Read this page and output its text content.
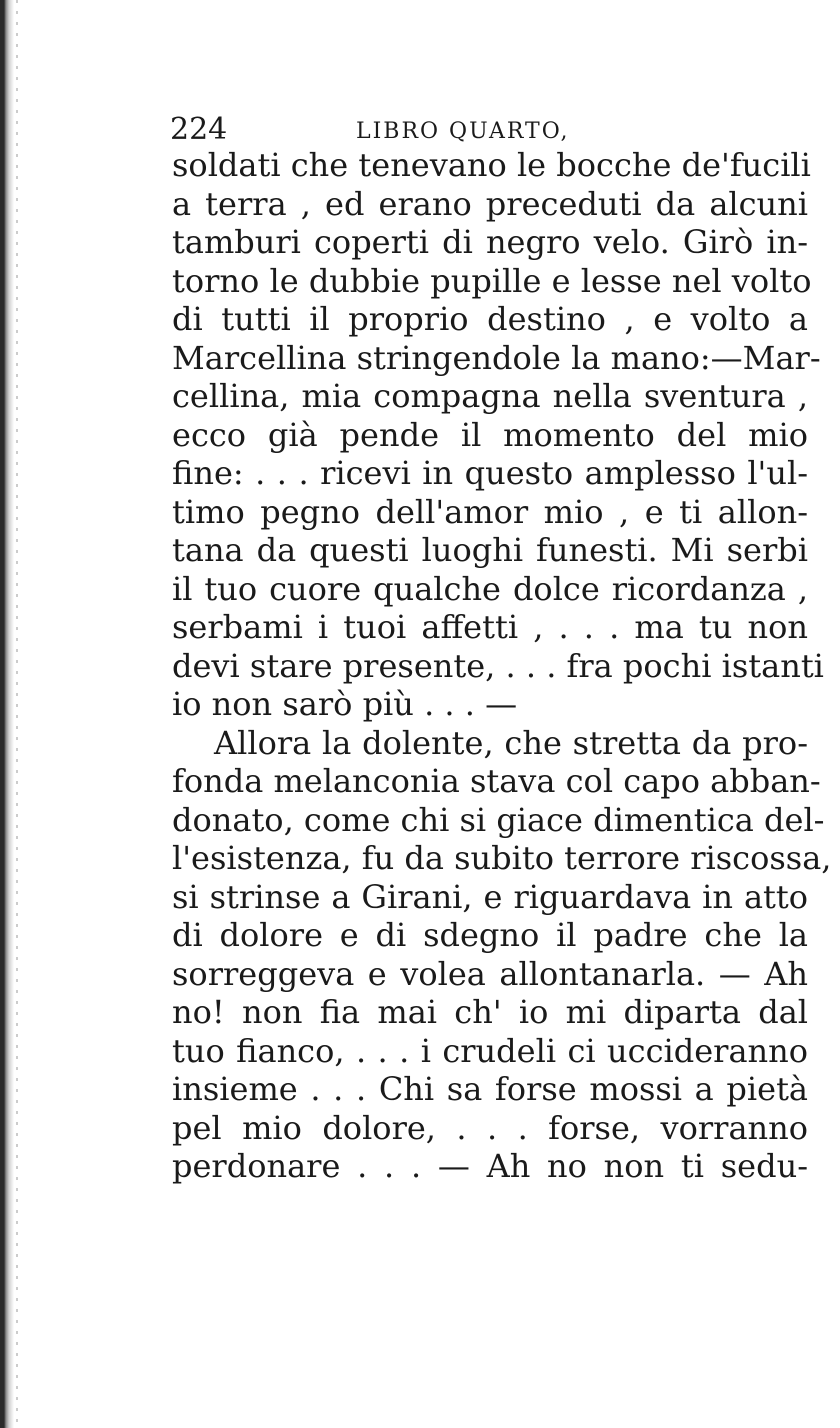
224	LIBRO QUARTO,
soldati che tenevano le bocche de'fucili
a terra , ed erano preceduti da alcuni
tamburi coperti di negro velo. Girò in-
torno le dubbie pupille e lesse nel volto
di tutti il proprio destino , e volto a
Marcellina stringendole la mano:—Mar-
cellina, mia compagna nella sventura ,
ecco già pende il momento del mio
fine: . . . ricevi in questo amplesso l'ul-
timo pegno dell'amor mio , e ti allon-
tana da questi luoghi funesti. Mi serbi
il tuo cuore qualche dolce ricordanza ,
serbami i tuoi affetti , . . . ma tu non
devi stare presente, . . . fra pochi istanti
io non sarò più . . . —
Allora la dolente, che stretta da pro-
fonda melanconia stava col capo abban-
donato, come chi si giace dimentica del-
l'esistenza, fu da subito terrore riscossa,
si strinse a Girani, e riguardava in atto
di dolore e di sdegno il padre che la
sorreggeva e volea allontanarla. — Ah
no! non fia mai ch' io mi diparta dal
tuo fianco, . . . i crudeli ci uccideranno
insieme . . . Chi sa forse mossi a pietà
pel mio dolore, . . . forse, vorranno
perdonare . . . — Ah no non ti sedu-
